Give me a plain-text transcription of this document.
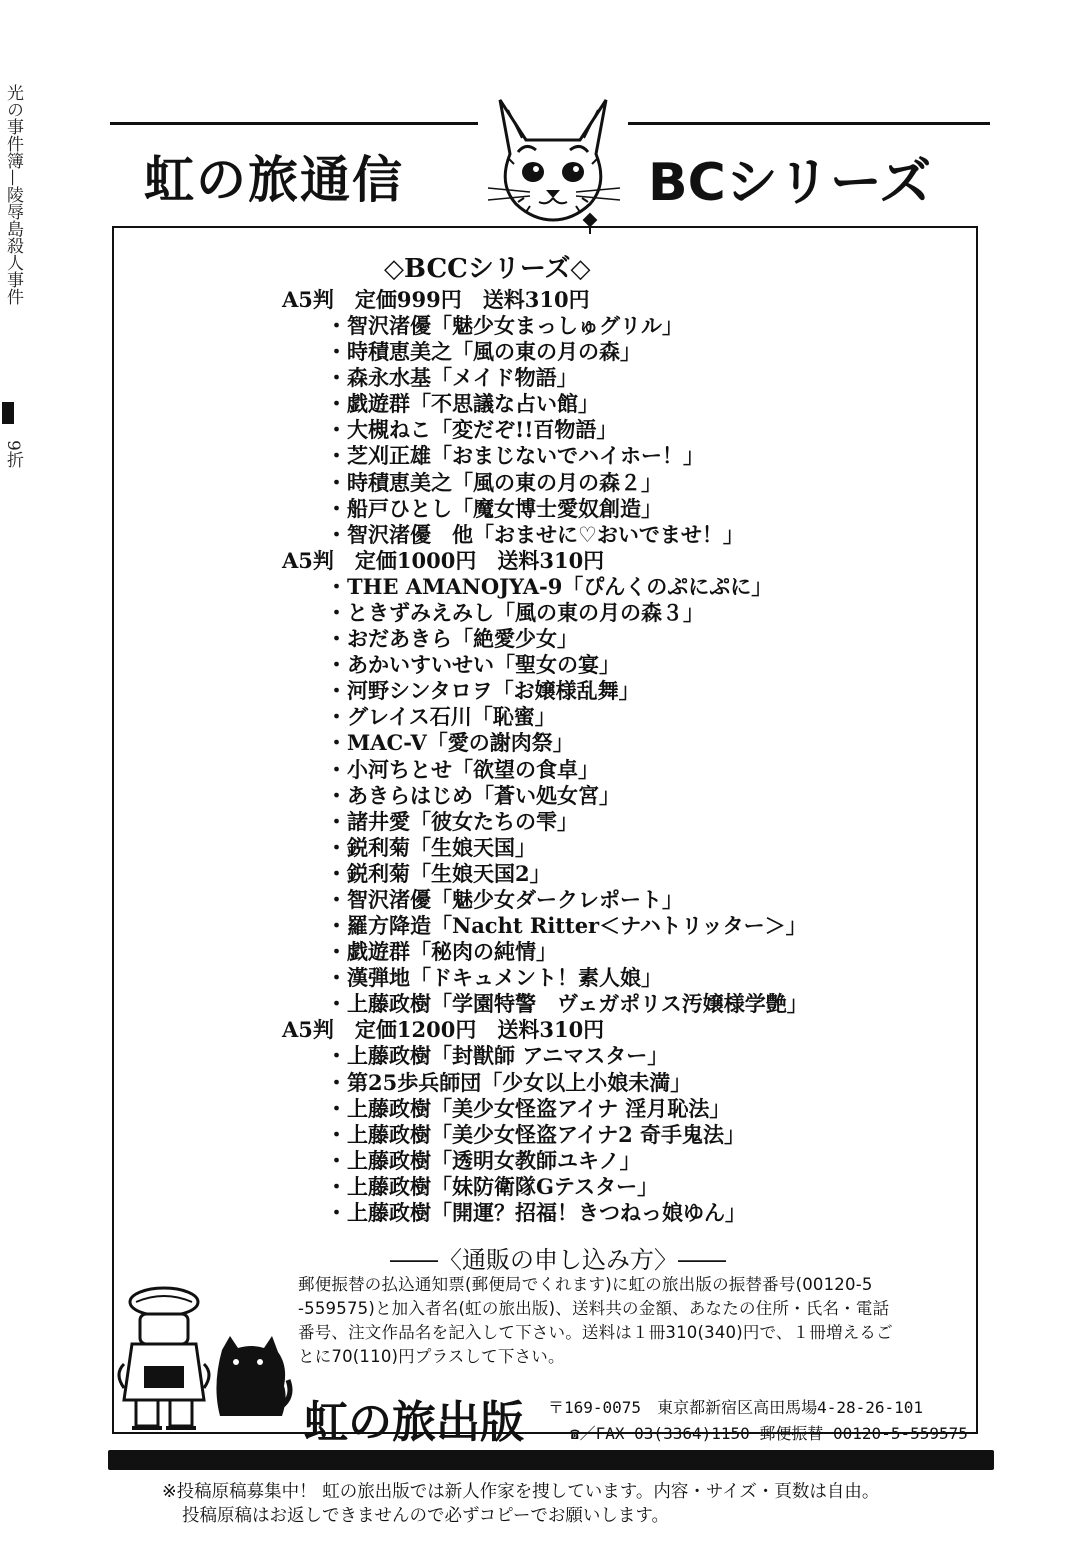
光の事件簿—陵辱島殺人事件
9折
虹の旅通信	BCシリーズ
◇BCCシリーズ◇
A5判　定価999円　送料310円
・智沢渚優「魅少女まっしゅグリル」
・時積恵美之「風の東の月の森」
・森永水基「メイド物語」
・戯遊群「不思議な占い館」
・大槻ねこ「変だぞ!!百物語」
・芝刈正雄「おまじないでハイホー！」
・時積恵美之「風の東の月の森２」
・船戸ひとし「魔女博士愛奴創造」
・智沢渚優　他「おませに♡おいでませ！」
A5判　定価1000円　送料310円
・THE AMANOJYA-9「ぴんくのぷにぷに」
・ときずみえみし「風の東の月の森３」
・おだあきら「絶愛少女」
・あかいすいせい「聖女の宴」
・河野シンタロヲ「お嬢様乱舞」
・グレイス石川「恥蜜」
・MAC-V「愛の謝肉祭」
・小河ちとせ「欲望の食卓」
・あきらはじめ「蒼い処女宮」
・諸井愛「彼女たちの雫」
・鋭利菊「生娘天国」
・鋭利菊「生娘天国2」
・智沢渚優「魅少女ダークレポート」
・羅方降造「Nacht Ritter＜ナハトリッター＞」
・戯遊群「秘肉の純情」
・漢弾地「ドキュメント！素人娘」
・上藤政樹「学園特警　ヴェガポリス汚嬢様学艶」
A5判　定価1200円　送料310円
・上藤政樹「封獣師 アニマスター」
・第25歩兵師団「少女以上小娘未満」
・上藤政樹「美少女怪盗アイナ 淫月恥法」
・上藤政樹「美少女怪盗アイナ2 奇手鬼法」
・上藤政樹「透明女教師ユキノ」
・上藤政樹「妹防衛隊Gテスター」
・上藤政樹「開運？招福！きつねっ娘ゆん」
――〈通販の申し込み方〉――
郵便振替の払込通知票(郵便局でくれます)に虹の旅出版の振替番号(00120-5
-559575)と加入者名(虹の旅出版)、送料共の金額、あなたの住所・氏名・電話
番号、注文作品名を記入して下さい。送料は１冊310(340)円で、１冊増えるご
とに70(110)円プラスして下さい。
虹の旅出版 〒169-0075　東京都新宿区高田馬場4-28-26-101
☎／FAX 03(3364)1150 郵便振替 00120-5-559575
※投稿原稿募集中！ 虹の旅出版では新人作家を捜しています。内容・サイズ・頁数は自由。
投稿原稿はお返しできませんので必ずコピーでお願いします。
